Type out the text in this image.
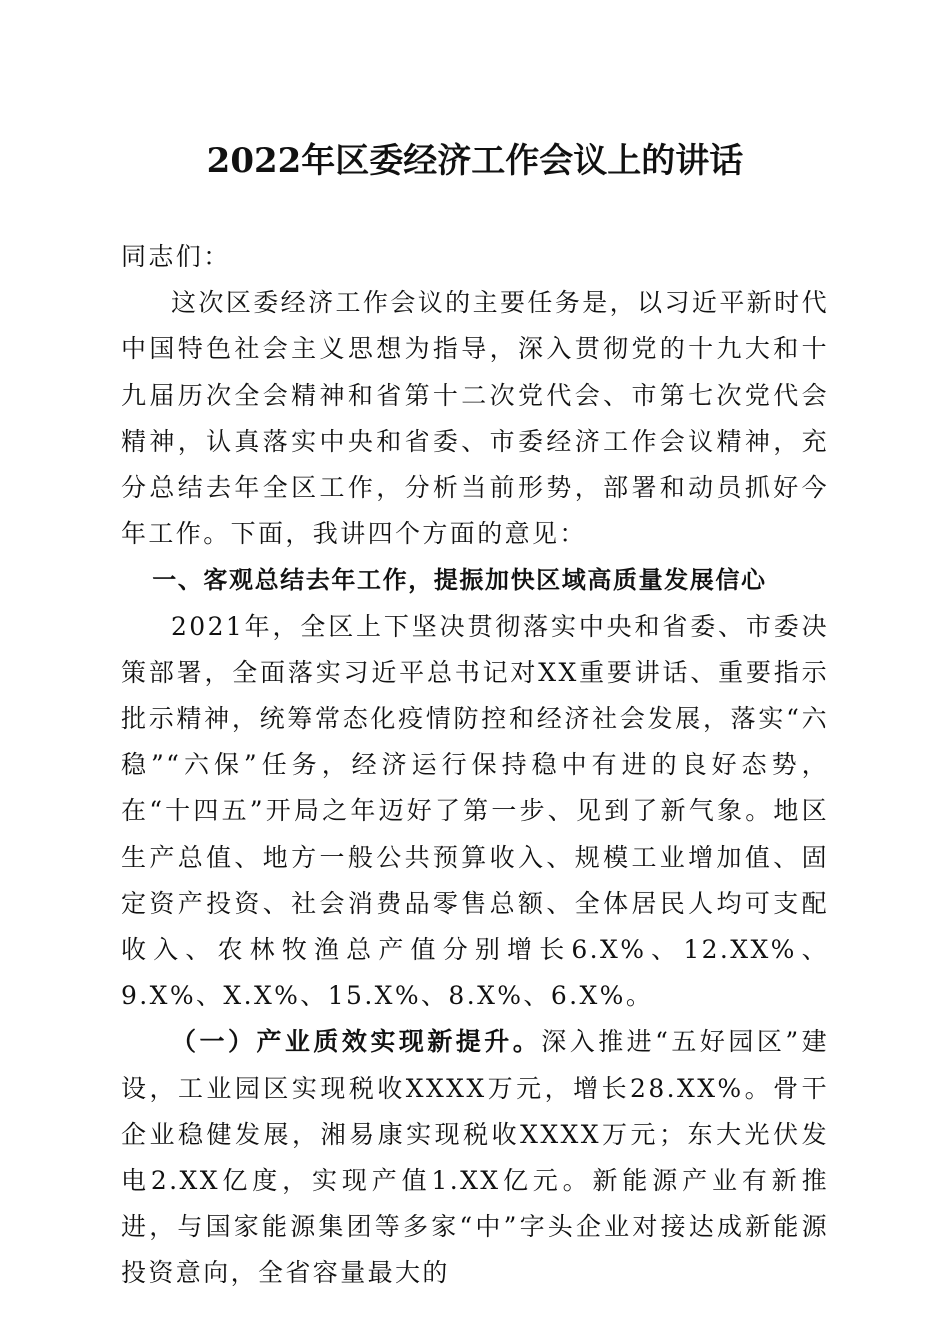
2022年区委经济工作会议上的讲话

同志们：

这次区委经济工作会议的主要任务是，以习近平新时代中国特色社会主义思想为指导，深入贯彻党的十九大和十九届历次全会精神和省第十二次党代会、市第七次党代会精神，认真落实中央和省委、市委经济工作会议精神，充分总结去年全区工作，分析当前形势，部署和动员抓好今年工作。下面，我讲四个方面的意见：

一、客观总结去年工作，提振加快区域高质量发展信心

2021年，全区上下坚决贯彻落实中央和省委、市委决策部署，全面落实习近平总书记对XX重要讲话、重要指示批示精神，统筹常态化疫情防控和经济社会发展，落实“六稳”“六保”任务，经济运行保持稳中有进的良好态势，在“十四五”开局之年迈好了第一步、见到了新气象。地区生产总值、地方一般公共预算收入、规模工业增加值、固定资产投资、社会消费品零售总额、全体居民人均可支配收入、农林牧渔总产值分别增长6.X%、12.XX%、9.X%、X.X%、15.X%、8.X%、6.X%。

（一）产业质效实现新提升。深入推进“五好园区”建设，工业园区实现税收XXXX万元，增长28.XX%。骨干企业稳健发展，湘易康实现税收XXXX万元；东大光伏发电2.XX亿度，实现产值1.XX亿元。新能源产业有新推进，与国家能源集团等多家“中”字头企业对接达成新能源投资意向，全省容量最大的
